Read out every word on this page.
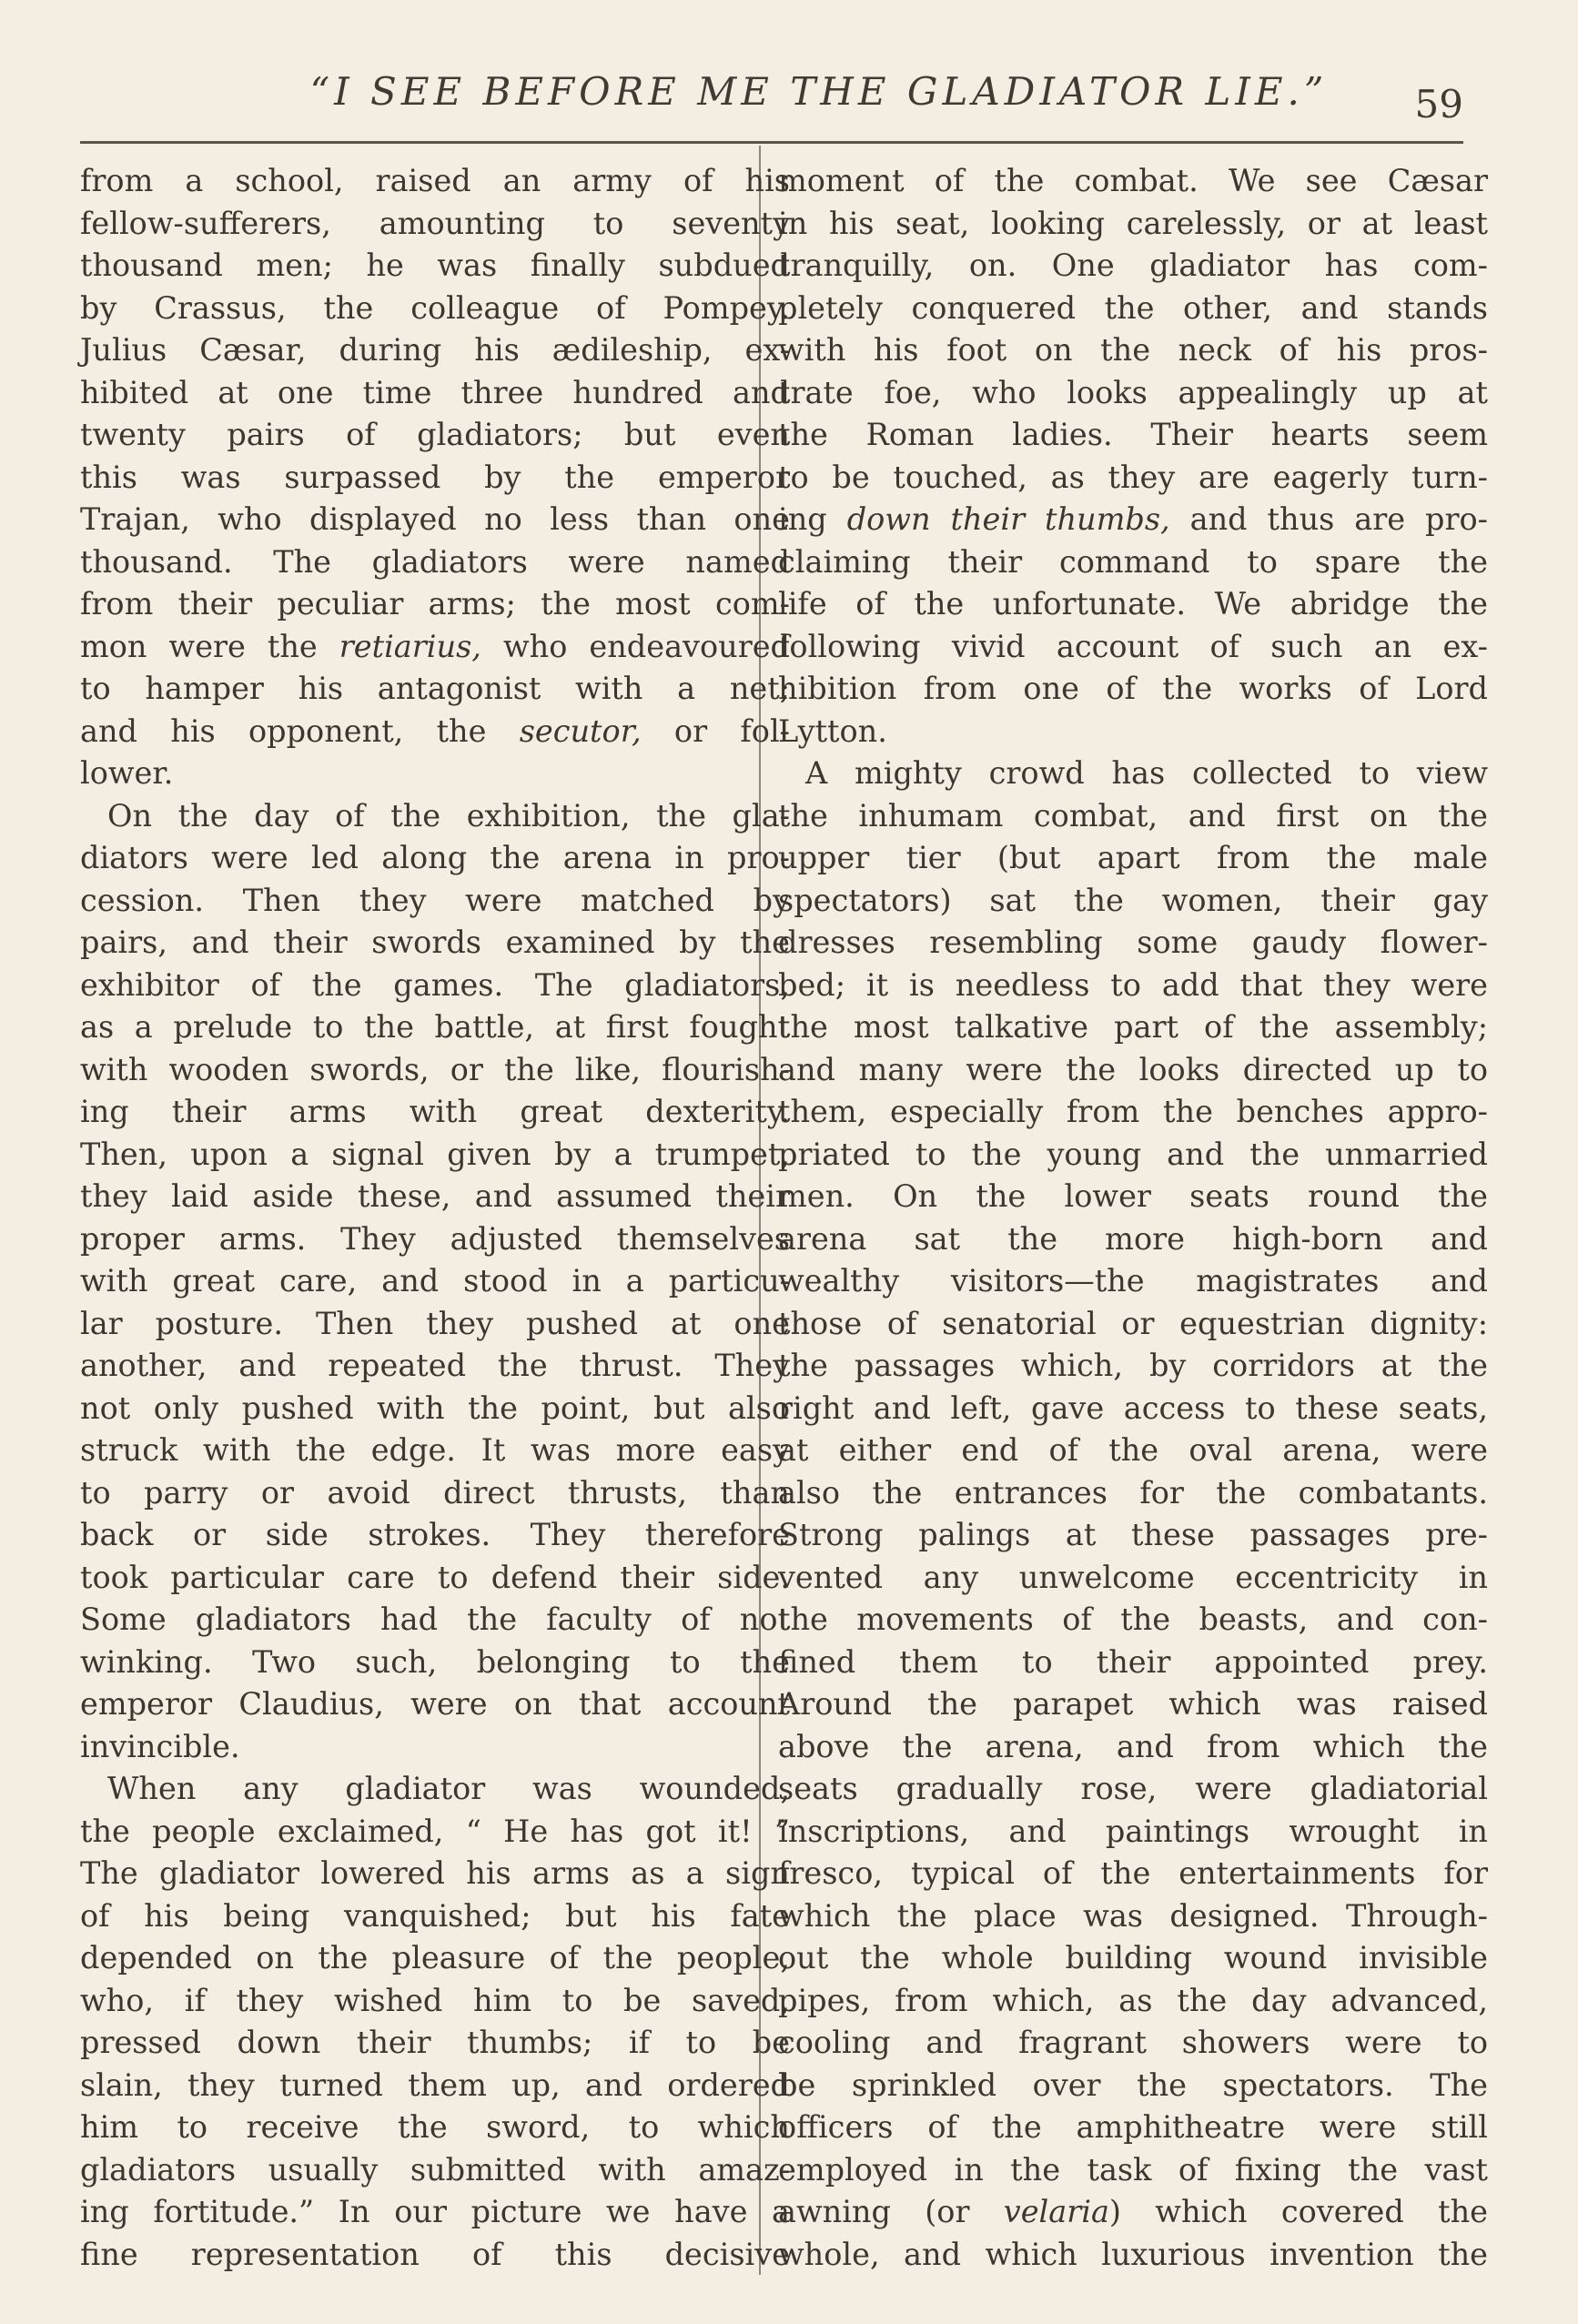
“I SEE BEFORE ME THE GLADIATOR LIE.”	59
from a school, raised an army of his
fellow-sufferers, amounting to seventy
thousand men; he was finally subdued
by Crassus, the colleague of Pompey.
Julius Cæsar, during his ædileship, ex-
hibited at one time three hundred and
twenty pairs of gladiators; but even
this was surpassed by the emperor
Trajan, who displayed no less than one
thousand. The gladiators were named
from their peculiar arms; the most com-
mon were the retiarius, who endeavoured
to hamper his antagonist with a net;
and his opponent, the secutor, or fol-
lower.
On the day of the exhibition, the gla-
diators were led along the arena in pro-
cession. Then they were matched by
pairs, and their swords examined by the
exhibitor of the games. The gladiators,
as a prelude to the battle, at first fought
with wooden swords, or the like, flourish-
ing their arms with great dexterity.
Then, upon a signal given by a trumpet,
they laid aside these, and assumed their
proper arms. They adjusted themselves
with great care, and stood in a particu-
lar posture. Then they pushed at one
another, and repeated the thrust. They
not only pushed with the point, but also
struck with the edge. It was more easy
to parry or avoid direct thrusts, than
back or side strokes. They therefore
took particular care to defend their side.
Some gladiators had the faculty of not
winking. Two such, belonging to the
emperor Claudius, were on that account
invincible.
When any gladiator was wounded,
the people exclaimed, “ He has got it! ”
The gladiator lowered his arms as a sign
of his being vanquished; but his fate
depended on the pleasure of the people,
who, if they wished him to be saved,
pressed down their thumbs; if to be
slain, they turned them up, and ordered
him to receive the sword, to which
gladiators usually submitted with amaz-
ing fortitude.” In our picture we have a
fine representation of this decisive
moment of the combat. We see Cæsar
in his seat, looking carelessly, or at least
tranquilly, on. One gladiator has com-
pletely conquered the other, and stands
with his foot on the neck of his pros-
trate foe, who looks appealingly up at
the Roman ladies. Their hearts seem
to be touched, as they are eagerly turn-
ing down their thumbs, and thus are pro-
claiming their command to spare the
life of the unfortunate. We abridge the
following vivid account of such an ex-
hibition from one of the works of Lord
Lytton.
A mighty crowd has collected to view
the inhumam combat, and first on the
upper tier (but apart from the male
spectators) sat the women, their gay
dresses resembling some gaudy flower-
bed; it is needless to add that they were
the most talkative part of the assembly;
and many were the looks directed up to
them, especially from the benches appro-
priated to the young and the unmarried
men. On the lower seats round the
arena sat the more high-born and
wealthy visitors—the magistrates and
those of senatorial or equestrian dignity:
the passages which, by corridors at the
right and left, gave access to these seats,
at either end of the oval arena, were
also the entrances for the combatants.
Strong palings at these passages pre-
vented any unwelcome eccentricity in
the movements of the beasts, and con-
fined them to their appointed prey.
Around the parapet which was raised
above the arena, and from which the
seats gradually rose, were gladiatorial
inscriptions, and paintings wrought in
fresco, typical of the entertainments for
which the place was designed. Through-
out the whole building wound invisible
pipes, from which, as the day advanced,
cooling and fragrant showers were to
be sprinkled over the spectators. The
officers of the amphitheatre were still
employed in the task of fixing the vast
awning (or velaria) which covered the
whole, and which luxurious invention the
